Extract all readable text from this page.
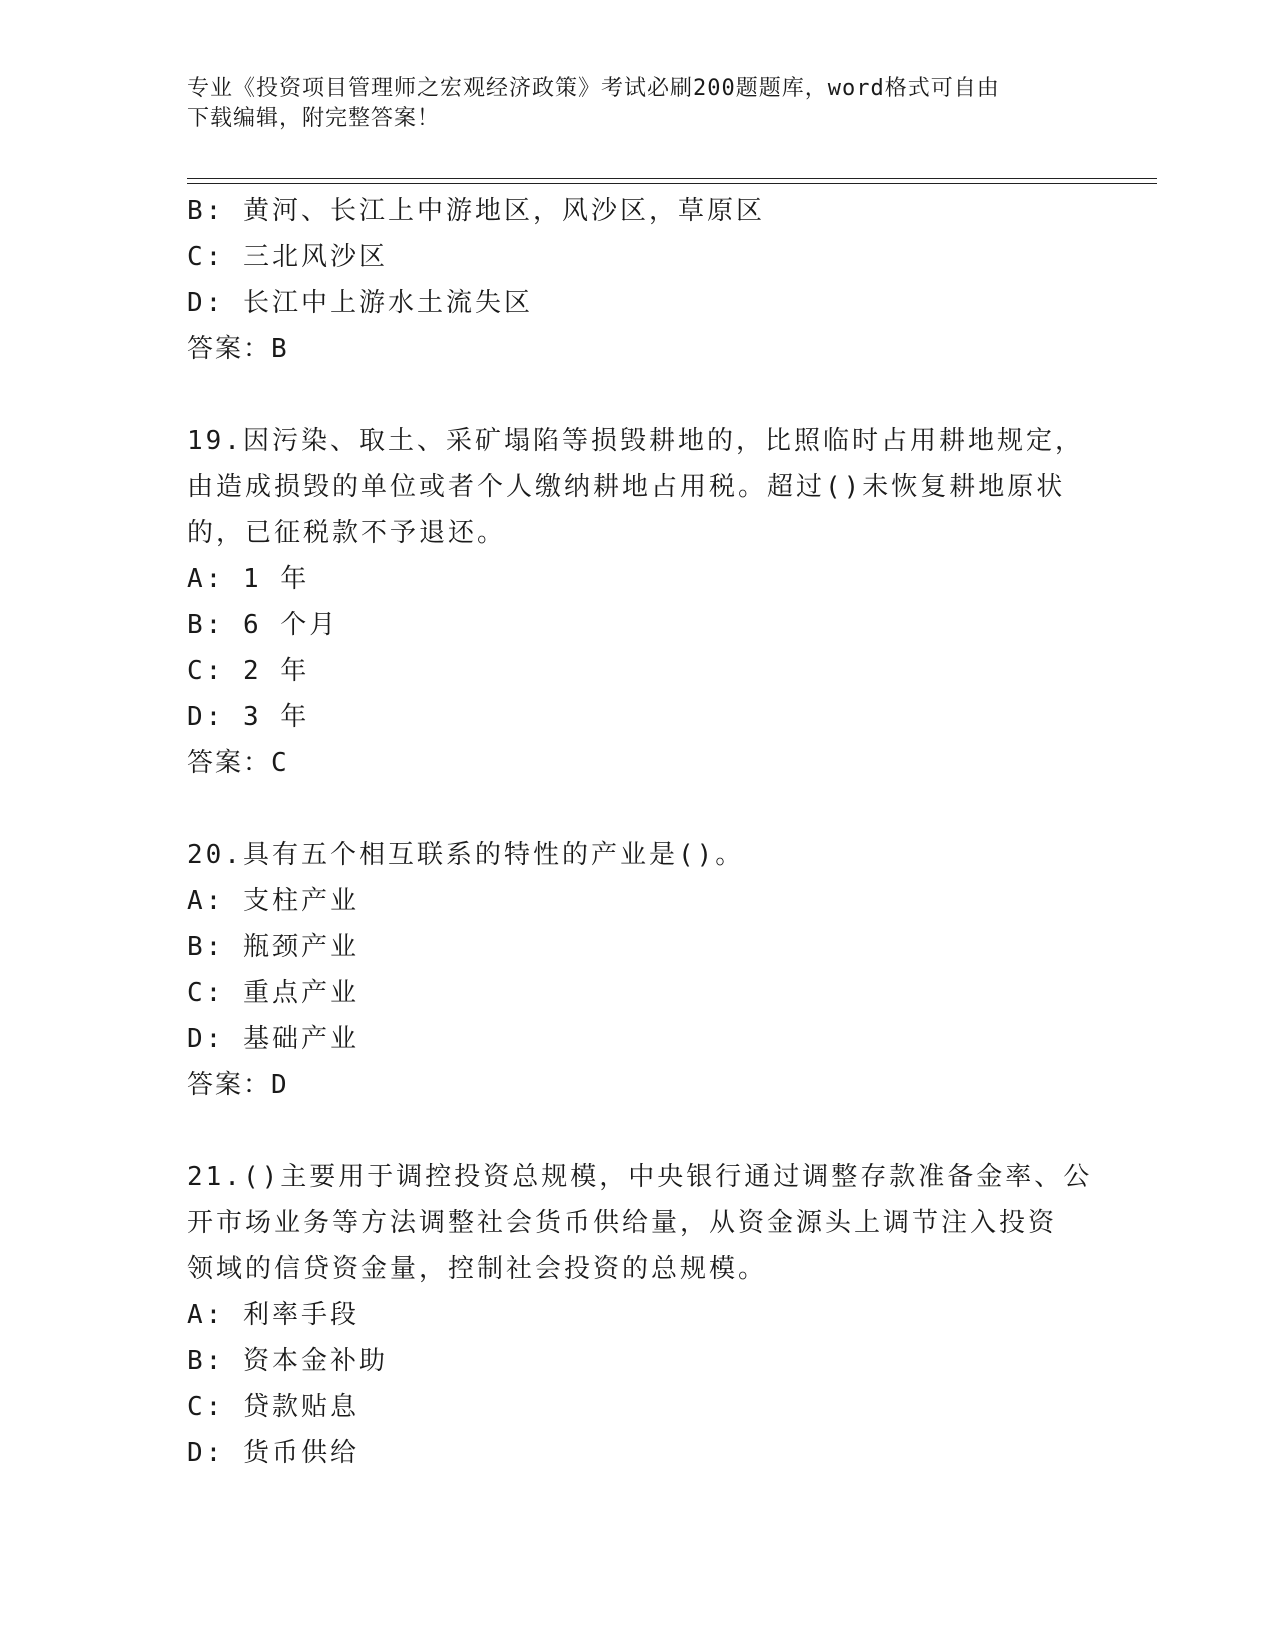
专业《投资项目管理师之宏观经济政策》考试必刷200题题库，word格式可自由
下载编辑，附完整答案！
B: 黄河、长江上中游地区，风沙区，草原区
C: 三北风沙区
D: 长江中上游水土流失区
答案：B
19.因污染、取土、采矿塌陷等损毁耕地的，比照临时占用耕地规定，
由造成损毁的单位或者个人缴纳耕地占用税。超过()未恢复耕地原状
的，已征税款不予退还。
A: 1 年
B: 6 个月
C: 2 年
D: 3 年
答案：C
20.具有五个相互联系的特性的产业是()。
A: 支柱产业
B: 瓶颈产业
C: 重点产业
D: 基础产业
答案：D
21.()主要用于调控投资总规模，中央银行通过调整存款准备金率、公
开市场业务等方法调整社会货币供给量，从资金源头上调节注入投资
领域的信贷资金量，控制社会投资的总规模。
A: 利率手段
B: 资本金补助
C: 贷款贴息
D: 货币供给
